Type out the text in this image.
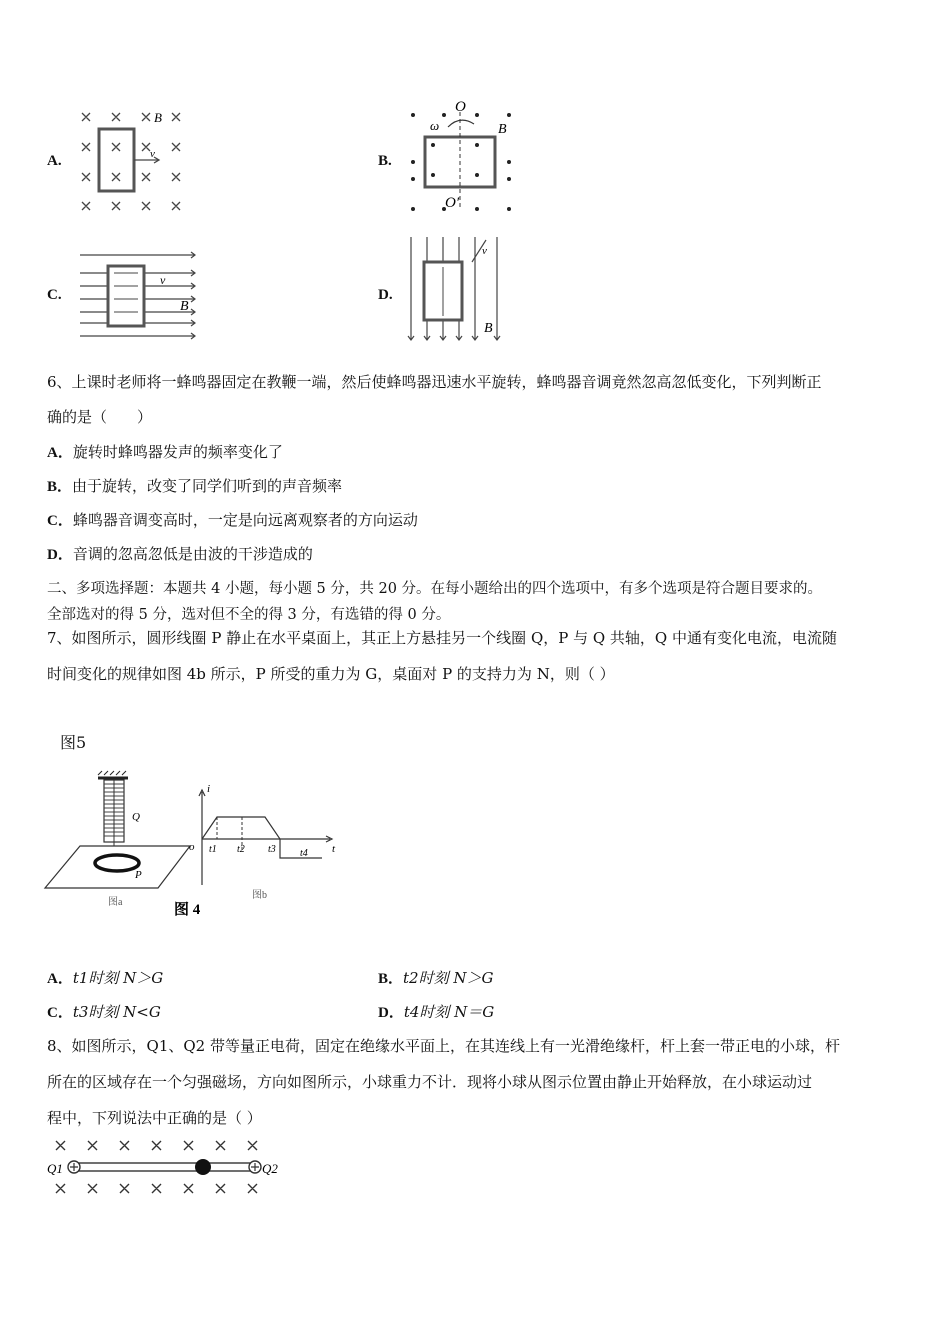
A.
B
v	B.
O
O′
ω	B
C.
v
B
D.
v
B
6、上课时老师将一蜂鸣器固定在教鞭一端，然后使蜂鸣器迅速水平旋转，蜂鸣器音调竟然忽高忽低变化，下列判断正
确的是（　　）
A．旋转时蜂鸣器发声的频率变化了
B．由于旋转，改变了同学们听到的声音频率
C．蜂鸣器音调变高时，一定是向远离观察者的方向运动
D．音调的忽高忽低是由波的干涉造成的
二、多项选择题：本题共 4 小题，每小题 5 分，共 20 分。在每小题给出的四个选项中，有多个选项是符合题目要求的。
全部选对的得 5 分，选对但不全的得 3 分，有选错的得 0 分。
7、如图所示，圆形线圈 P 静止在水平桌面上，其正上方悬挂另一个线圈 Q，P 与 Q 共轴，Q 中通有变化电流，电流随
时间变化的规律如图 4b 所示，P 所受的重力为 G，桌面对 P 的支持力为 N，则（ ）
图5
Q
P
图a
i
t
o t1 t2 t3 t4
图b
图 4
A．t1时刻 N＞G	B．t2时刻 N＞G
C．t3时刻 N<G	D．t4时刻 N＝G
8、如图所示，Q1、Q2 带等量正电荷，固定在绝缘水平面上，在其连线上有一光滑绝缘杆，杆上套一带正电的小球，杆
所在的区域存在一个匀强磁场，方向如图所示，小球重力不计．现将小球从图示位置由静止开始释放，在小球运动过
程中，下列说法中正确的是（ ）
Q1	Q2
